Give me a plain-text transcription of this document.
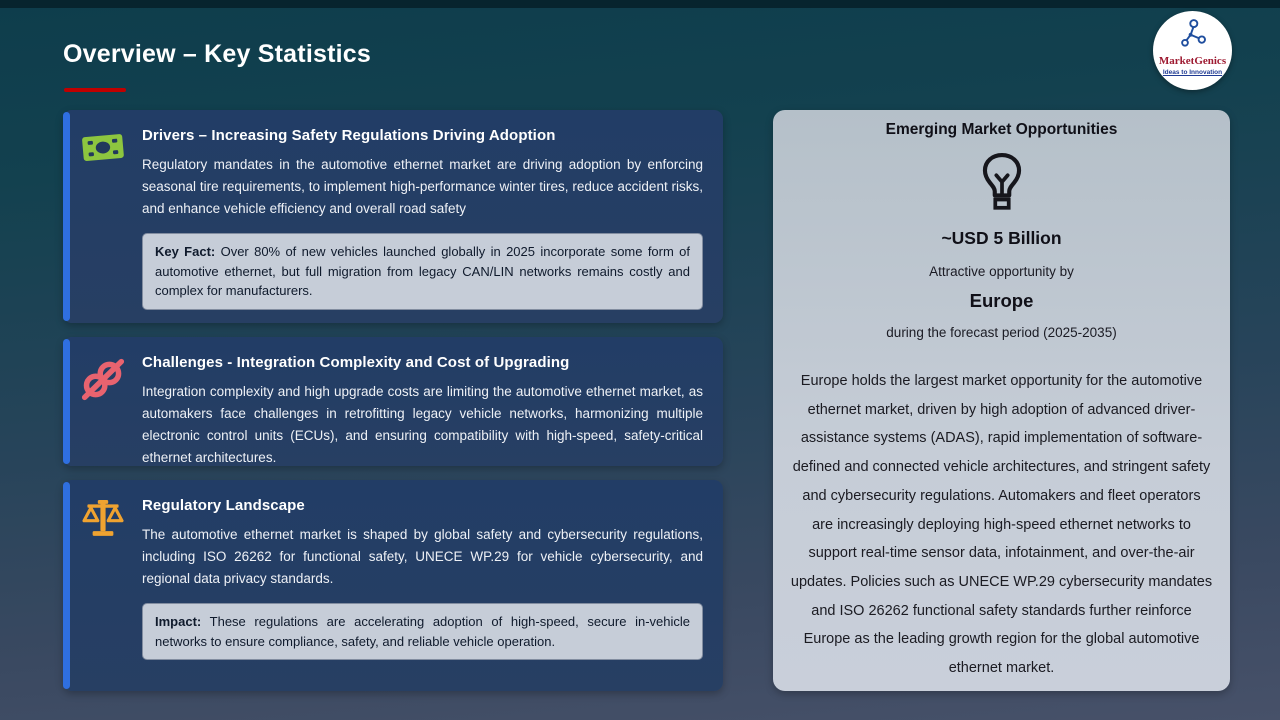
Overview – Key Statistics	MarketGenics
Ideas to Innovation
Drivers – Increasing Safety Regulations Driving Adoption
Regulatory mandates in the automotive ethernet market are driving adoption by enforcing seasonal tire requirements, to implement high-performance winter tires, reduce accident risks, and enhance vehicle efficiency and overall road safety
Key Fact: Over 80% of new vehicles launched globally in 2025 incorporate some form of automotive ethernet, but full migration from legacy CAN/LIN networks remains costly and complex for manufacturers.
Challenges - Integration Complexity and Cost of Upgrading
Integration complexity and high upgrade costs are limiting the automotive ethernet market, as automakers face challenges in retrofitting legacy vehicle networks, harmonizing multiple electronic control units (ECUs), and ensuring compatibility with high-speed, safety-critical ethernet architectures.
Regulatory Landscape
The automotive ethernet market is shaped by global safety and cybersecurity regulations, including ISO 26262 for functional safety, UNECE WP.29 for vehicle cybersecurity, and regional data privacy standards.
Impact: These regulations are accelerating adoption of high-speed, secure in-vehicle networks to ensure compliance, safety, and reliable vehicle operation.
Emerging Market Opportunities
~USD 5 Billion
Attractive opportunity by
Europe
during the forecast period (2025-2035)
Europe holds the largest market opportunity for the automotive ethernet market, driven by high adoption of advanced driver-assistance systems (ADAS), rapid implementation of software-defined and connected vehicle architectures, and stringent safety and cybersecurity regulations. Automakers and fleet operators are increasingly deploying high-speed ethernet networks to support real-time sensor data, infotainment, and over-the-air updates. Policies such as UNECE WP.29 cybersecurity mandates and ISO 26262 functional safety standards further reinforce Europe as the leading growth region for the global automotive ethernet market.
